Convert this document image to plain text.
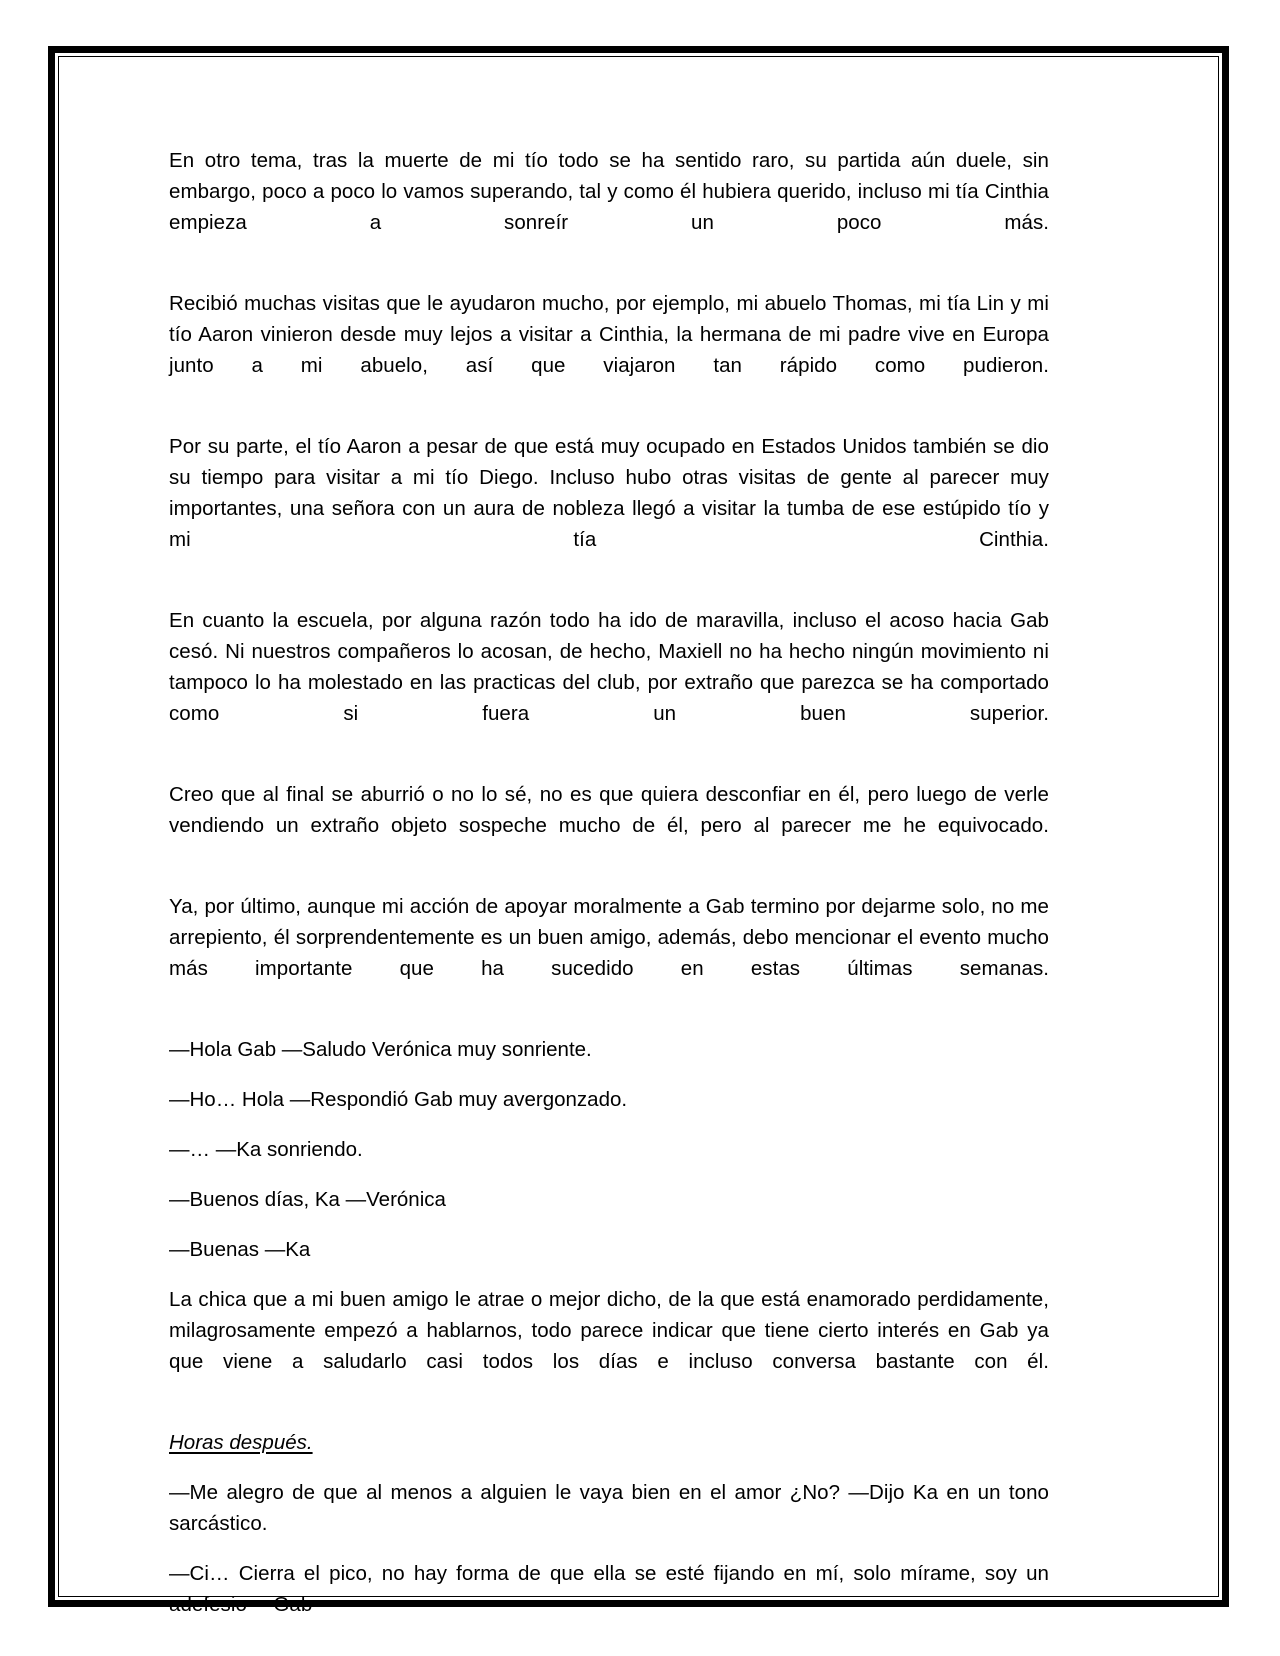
En otro tema, tras la muerte de mi tío todo se ha sentido raro, su partida aún duele, sin embargo, poco a poco lo vamos superando, tal y como él hubiera querido, incluso mi tía Cinthia empieza a sonreír un poco más.

Recibió muchas visitas que le ayudaron mucho, por ejemplo, mi abuelo Thomas, mi tía Lin y mi tío Aaron vinieron desde muy lejos a visitar a Cinthia, la hermana de mi padre vive en Europa junto a mi abuelo, así que viajaron tan rápido como pudieron.

Por su parte, el tío Aaron a pesar de que está muy ocupado en Estados Unidos también se dio su tiempo para visitar a mi tío Diego. Incluso hubo otras visitas de gente al parecer muy importantes, una señora con un aura de nobleza llegó a visitar la tumba de ese estúpido tío y mi tía Cinthia.

En cuanto la escuela, por alguna razón todo ha ido de maravilla, incluso el acoso hacia Gab cesó. Ni nuestros compañeros lo acosan, de hecho, Maxiell no ha hecho ningún movimiento ni tampoco lo ha molestado en las practicas del club, por extraño que parezca se ha comportado como si fuera un buen superior.

Creo que al final se aburrió o no lo sé, no es que quiera desconfiar en él, pero luego de verle vendiendo un extraño objeto sospeche mucho de él, pero al parecer me he equivocado.

Ya, por último, aunque mi acción de apoyar moralmente a Gab termino por dejarme solo, no me arrepiento, él sorprendentemente es un buen amigo, además, debo mencionar el evento mucho más importante que ha sucedido en estas últimas semanas.

—Hola Gab —Saludo Verónica muy sonriente.

—Ho… Hola —Respondió Gab muy avergonzado.

—… —Ka sonriendo.

—Buenos días, Ka —Verónica

—Buenas —Ka

La chica que a mi buen amigo le atrae o mejor dicho, de la que está enamorado perdidamente, milagrosamente empezó a hablarnos, todo parece indicar que tiene cierto interés en Gab ya que viene a saludarlo casi todos los días e incluso conversa bastante con él.

Horas después.

—Me alegro de que al menos a alguien le vaya bien en el amor ¿No? —Dijo Ka en un tono sarcástico.

—Ci… Cierra el pico, no hay forma de que ella se esté fijando en mí, solo mírame, soy un adefesio —Gab
